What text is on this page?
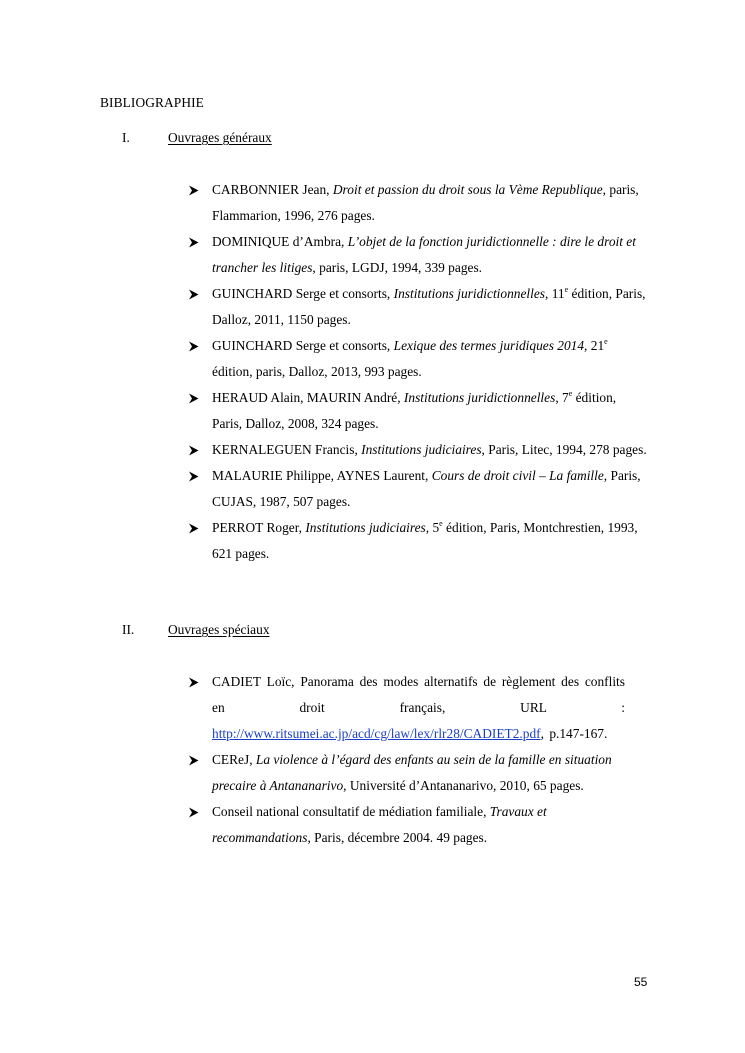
BIBLIOGRAPHIE
I.	Ouvrages généraux
CARBONNIER Jean, Droit et passion du droit sous la Vème Republique, paris, Flammarion, 1996, 276 pages.
DOMINIQUE d’Ambra, L’objet de la fonction juridictionnelle : dire le droit et trancher les litiges, paris, LGDJ, 1994, 339 pages.
GUINCHARD Serge et consorts, Institutions juridictionnelles, 11e édition, Paris, Dalloz, 2011, 1150 pages.
GUINCHARD Serge et consorts, Lexique des termes juridiques 2014, 21e édition, paris, Dalloz, 2013, 993 pages.
HERAUD Alain, MAURIN André, Institutions juridictionnelles, 7e édition, Paris, Dalloz, 2008, 324 pages.
KERNALEGUEN Francis, Institutions judiciaires, Paris, Litec, 1994, 278 pages.
MALAURIE Philippe, AYNES Laurent, Cours de droit civil – La famille, Paris, CUJAS, 1987, 507 pages.
PERROT Roger, Institutions judiciaires, 5e édition, Paris, Montchrestien, 1993, 621 pages.
II.	Ouvrages spéciaux
CADIET Loïc, Panorama des modes alternatifs de règlement des conflits en droit français, URL : http://www.ritsumei.ac.jp/acd/cg/law/lex/rlr28/CADIET2.pdf, p.147-167.
CEReJ, La violence à l’égard des enfants au sein de la famille en situation precaire à Antananarivo, Université d’Antananarivo, 2010, 65 pages.
Conseil national consultatif de médiation familiale, Travaux et recommandations, Paris, décembre 2004. 49 pages.
55
